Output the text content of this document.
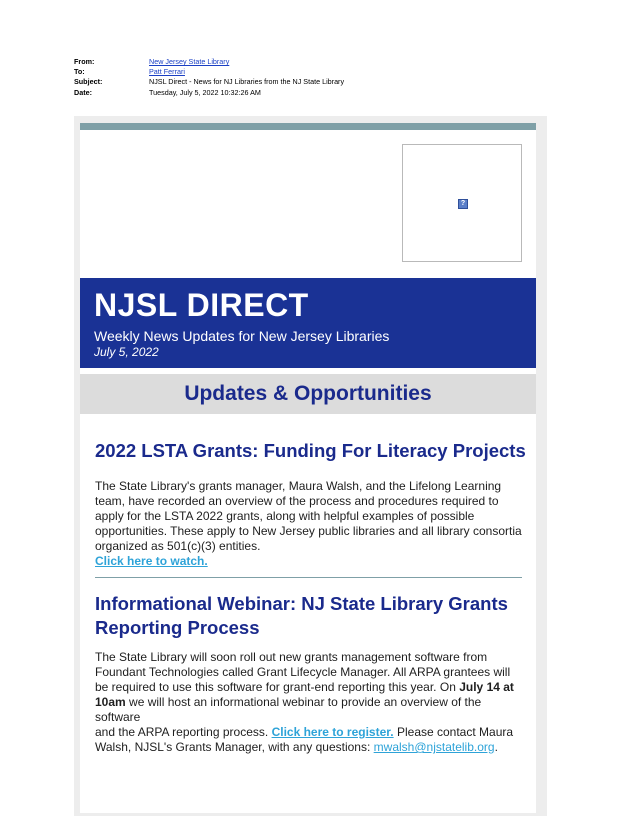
From:	New Jersey State Library
To:	Patt Ferrari
Subject:	NJSL Direct - News for NJ Libraries from the NJ State Library
Date:	Tuesday, July 5, 2022 10:32:26 AM
?
NJSL DIRECT
Weekly News Updates for New Jersey Libraries
July 5, 2022
Updates & Opportunities
2022 LSTA Grants: Funding For Literacy Projects
The State Library's grants manager, Maura Walsh, and the Lifelong Learning
team, have recorded an overview of the process and procedures required to
apply for the LSTA 2022 grants, along with helpful examples of possible
opportunities. These apply to New Jersey public libraries and all library consortia
organized as 501(c)(3) entities.
Click here to watch.
Informational Webinar: NJ State Library Grants
Reporting Process
The State Library will soon roll out new grants management software from
Foundant Technologies called Grant Lifecycle Manager. All ARPA grantees will
be required to use this software for grant-end reporting this year. On July 14 at
10am we will host an informational webinar to provide an overview of the software
and the ARPA reporting process. Click here to register. Please contact Maura
Walsh, NJSL's Grants Manager, with any questions: mwalsh@njstatelib.org.
